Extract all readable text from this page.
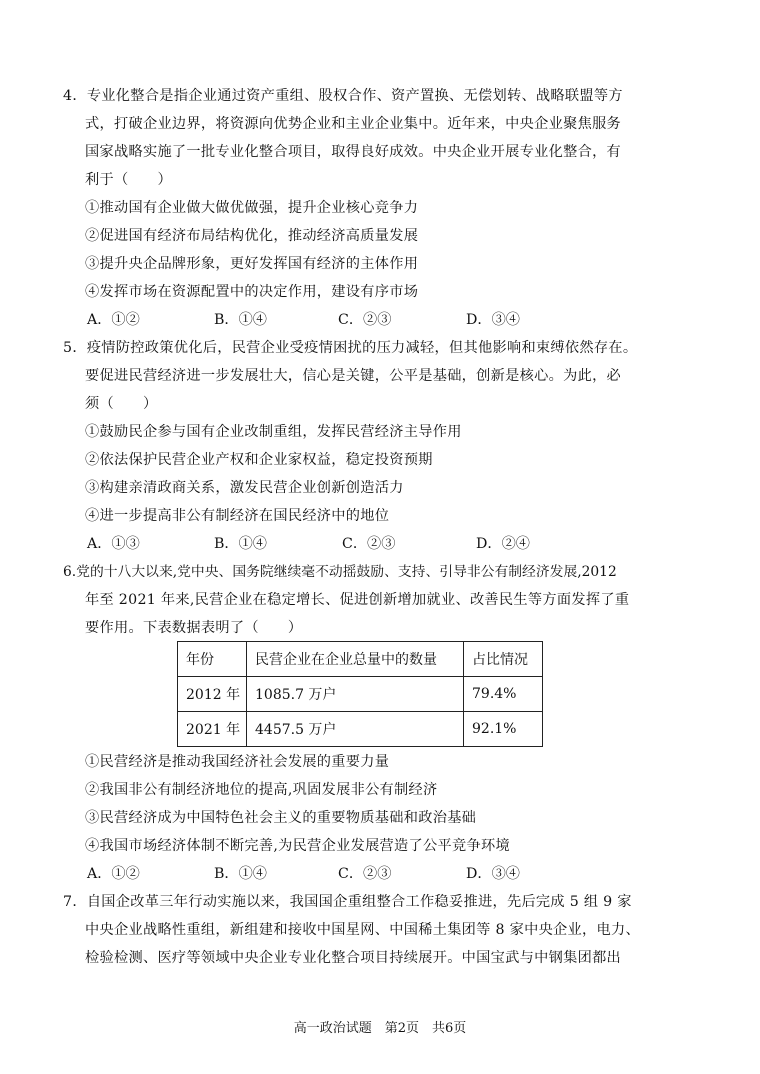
4．专业化整合是指企业通过资产重组、股权合作、资产置换、无偿划转、战略联盟等方
式，打破企业边界，将资源向优势企业和主业企业集中。近年来，中央企业聚焦服务
国家战略实施了一批专业化整合项目，取得良好成效。中央企业开展专业化整合，有
利于（　　）
①推动国有企业做大做优做强，提升企业核心竞争力
②促进国有经济布局结构优化，推动经济高质量发展
③提升央企品牌形象，更好发挥国有经济的主体作用
④发挥市场在资源配置中的决定作用，建设有序市场
A．①②	B．①④	C．②③	D．③④
5．疫情防控政策优化后，民营企业受疫情困扰的压力减轻，但其他影响和束缚依然存在。
要促进民营经济进一步发展壮大，信心是关键，公平是基础，创新是核心。为此，必
须（　　）
①鼓励民企参与国有企业改制重组，发挥民营经济主导作用
②依法保护民营企业产权和企业家权益，稳定投资预期
③构建亲清政商关系，激发民营企业创新创造活力
④进一步提高非公有制经济在国民经济中的地位
A．①③	B．①④	C．②③	D．②④
6.党的十八大以来,党中央、国务院继续毫不动摇鼓励、支持、引导非公有制经济发展,2012
年至 2021 年来,民营企业在稳定增长、促进创新增加就业、改善民生等方面发挥了重
要作用。下表数据表明了（　　）
年份	民营企业在企业总量中的数量	占比情况
2012 年	1085.7 万户	79.4%
2021 年	4457.5 万户	92.1%
①民营经济是推动我国经济社会发展的重要力量
②我国非公有制经济地位的提高,巩固发展非公有制经济
③民营经济成为中国特色社会主义的重要物质基础和政治基础
④我国市场经济体制不断完善,为民营企业发展营造了公平竞争环境
A．①②	B．①④	C．②③	D．③④
7．自国企改革三年行动实施以来，我国国企重组整合工作稳妥推进，先后完成 5 组 9 家
中央企业战略性重组，新组建和接收中国星网、中国稀土集团等 8 家中央企业，电力、
检验检测、医疗等领域中央企业专业化整合项目持续展开。中国宝武与中钢集团都出
高一政治试题　第2页　共6页
